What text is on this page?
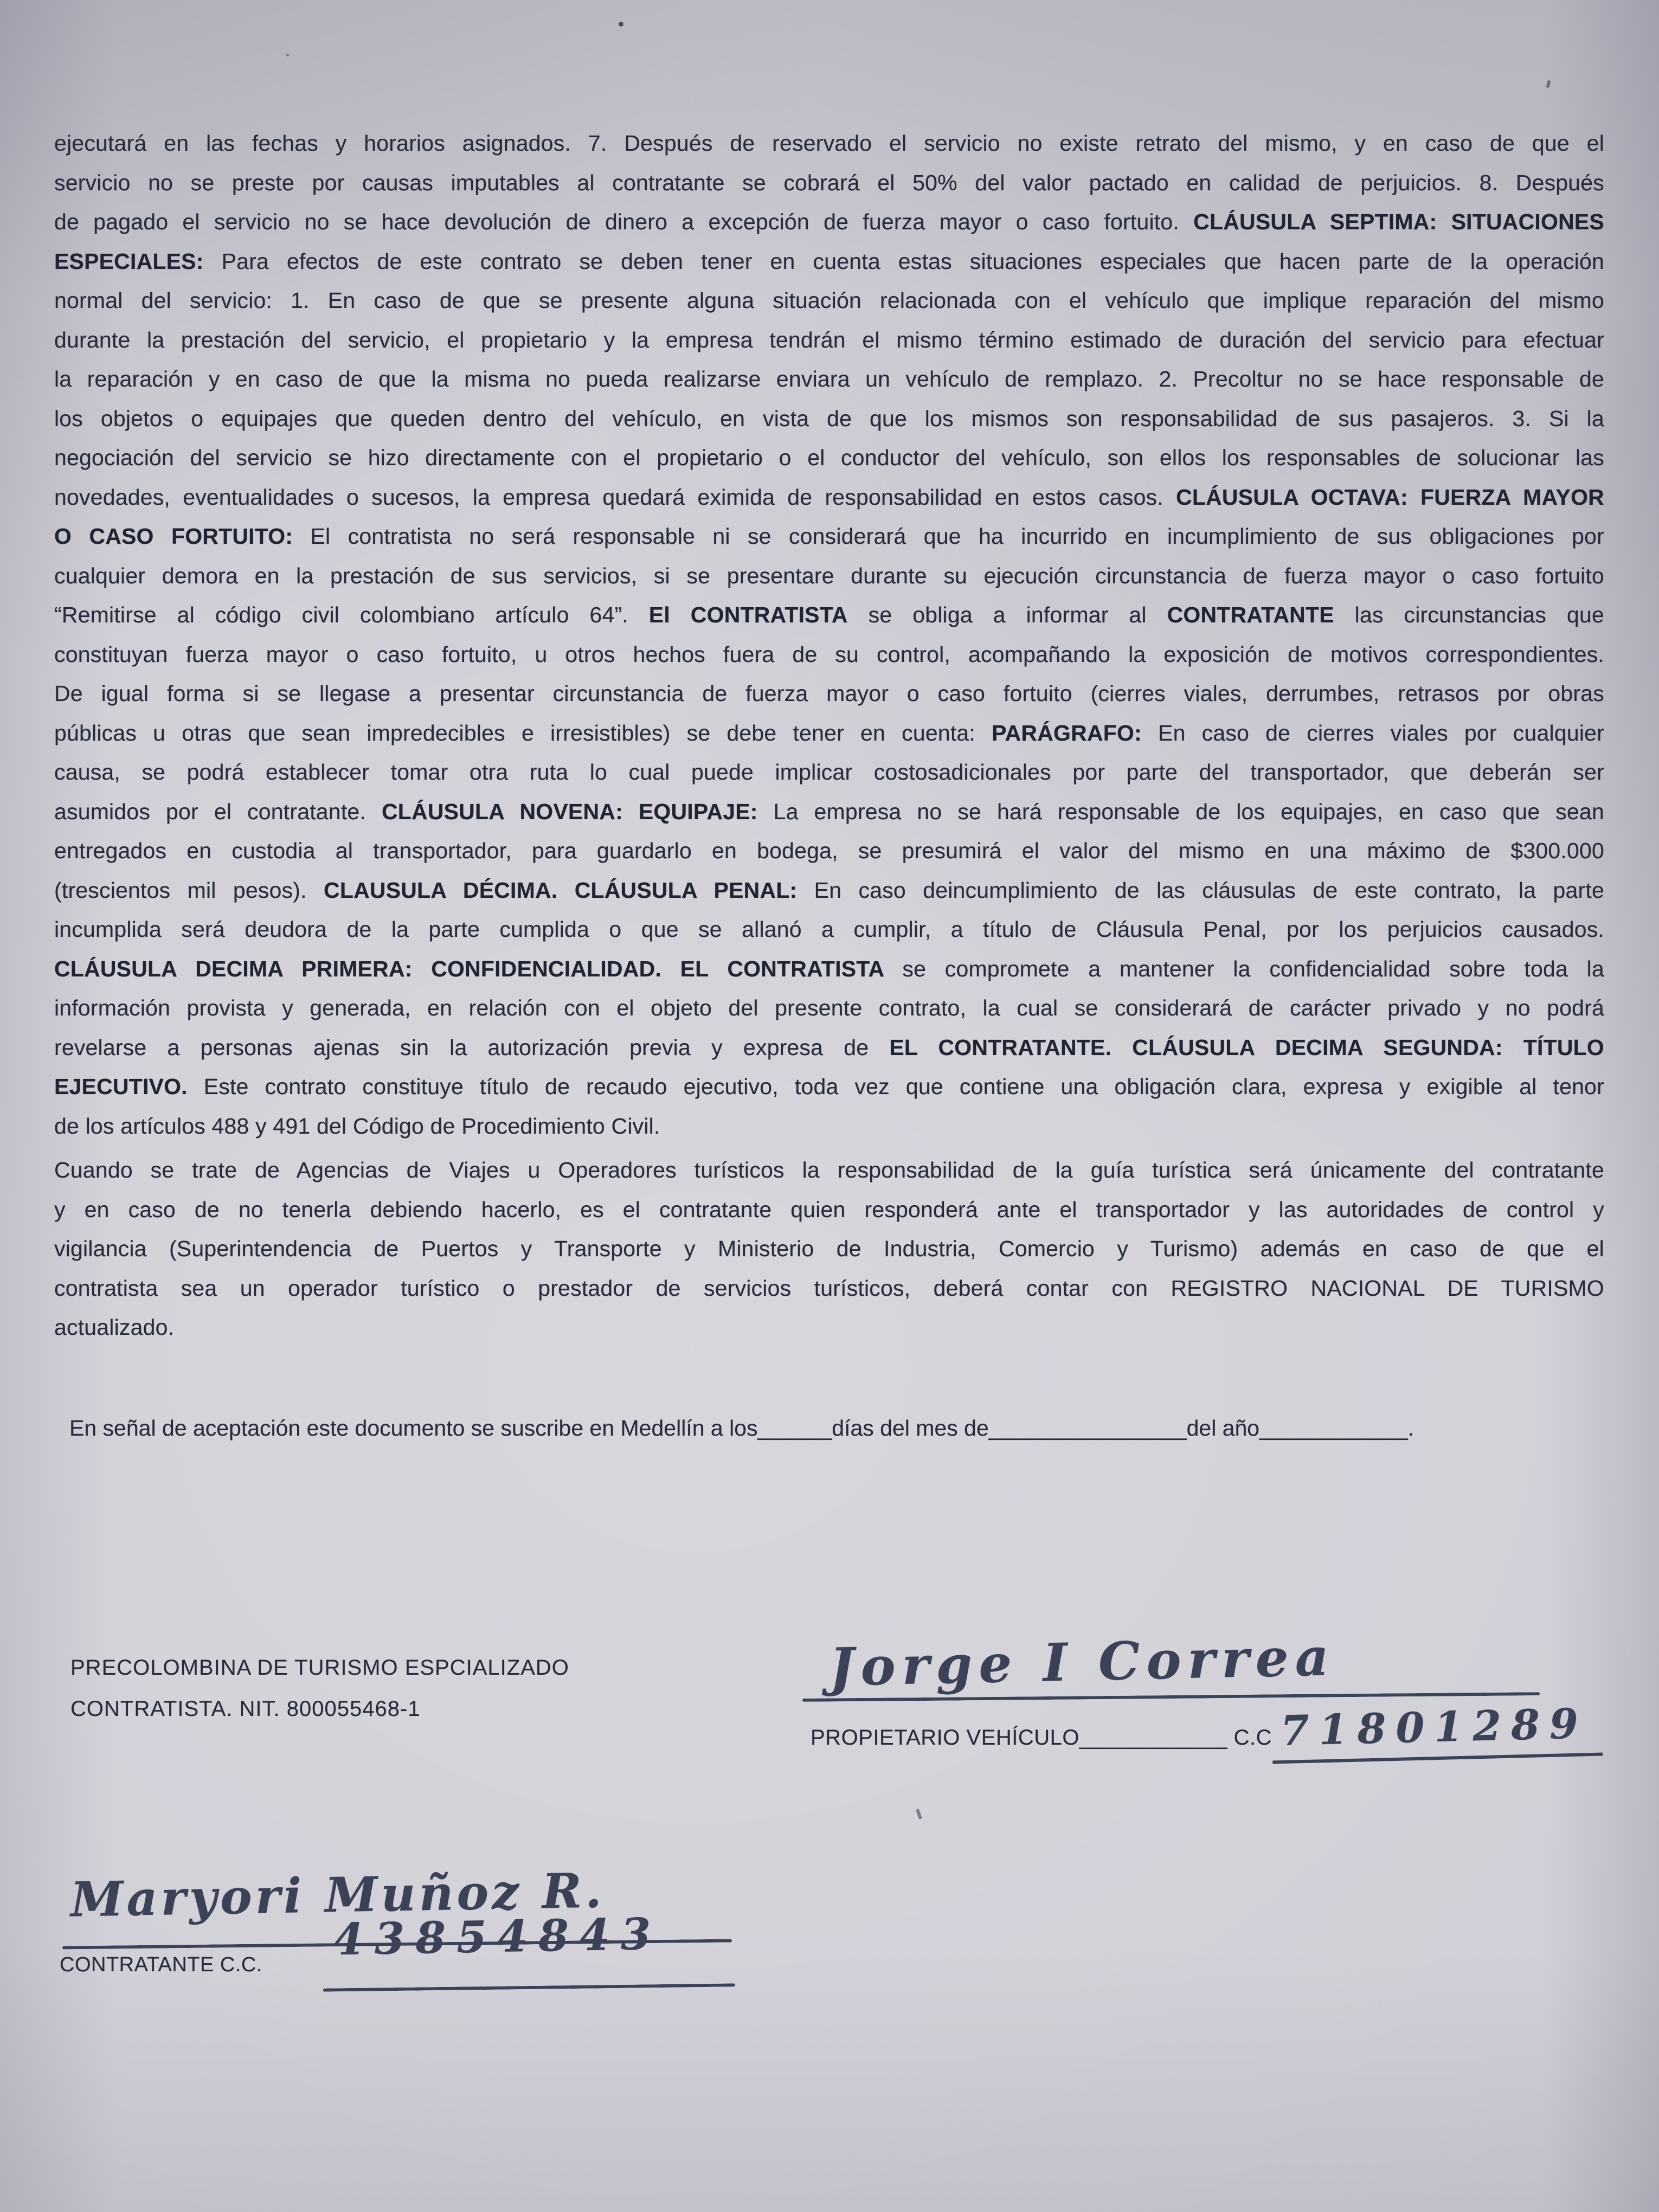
ejecutará en las fechas y horarios asignados. 7. Después de reservado el servicio no existe retrato del mismo, y en caso de que el
servicio no se preste por causas imputables al contratante se cobrará el 50% del valor pactado en calidad de perjuicios. 8. Después
de pagado el servicio no se hace devolución de dinero a excepción de fuerza mayor o caso fortuito. CLÁUSULA SEPTIMA: SITUACIONES
ESPECIALES: Para efectos de este contrato se deben tener en cuenta estas situaciones especiales que hacen parte de la operación
normal del servicio: 1. En caso de que se presente alguna situación relacionada con el vehículo que implique reparación del mismo
durante la prestación del servicio, el propietario y la empresa tendrán el mismo término estimado de duración del servicio para efectuar
la reparación y en caso de que la misma no pueda realizarse enviara un vehículo de remplazo. 2. Precoltur no se hace responsable de
los objetos o equipajes que queden dentro del vehículo, en vista de que los mismos son responsabilidad de sus pasajeros. 3. Si la
negociación del servicio se hizo directamente con el propietario o el conductor del vehículo, son ellos los responsables de solucionar las
novedades, eventualidades o sucesos, la empresa quedará eximida de responsabilidad en estos casos. CLÁUSULA OCTAVA: FUERZA MAYOR
O CASO FORTUITO: El contratista no será responsable ni se considerará que ha incurrido en incumplimiento de sus obligaciones por
cualquier demora en la prestación de sus servicios, si se presentare durante su ejecución circunstancia de fuerza mayor o caso fortuito
“Remitirse al código civil colombiano artículo 64”. El CONTRATISTA se obliga a informar al CONTRATANTE las circunstancias que
constituyan fuerza mayor o caso fortuito, u otros hechos fuera de su control, acompañando la exposición de motivos correspondientes.
De igual forma si se llegase a presentar circunstancia de fuerza mayor o caso fortuito (cierres viales, derrumbes, retrasos por obras
públicas u otras que sean impredecibles e irresistibles) se debe tener en cuenta: PARÁGRAFO: En caso de cierres viales por cualquier
causa, se podrá establecer tomar otra ruta lo cual puede implicar costosadicionales por parte del transportador, que deberán ser
asumidos por el contratante. CLÁUSULA NOVENA: EQUIPAJE: La empresa no se hará responsable de los equipajes, en caso que sean
entregados en custodia al transportador, para guardarlo en bodega, se presumirá el valor del mismo en una máximo de $300.000
(trescientos mil pesos). CLAUSULA DÉCIMA. CLÁUSULA PENAL: En caso deincumplimiento de las cláusulas de este contrato, la parte
incumplida será deudora de la parte cumplida o que se allanó a cumplir, a título de Cláusula Penal, por los perjuicios causados.
CLÁUSULA DECIMA PRIMERA: CONFIDENCIALIDAD. EL CONTRATISTA se compromete a mantener la confidencialidad sobre toda la
información provista y generada, en relación con el objeto del presente contrato, la cual se considerará de carácter privado y no podrá
revelarse a personas ajenas sin la autorización previa y expresa de EL CONTRATANTE. CLÁUSULA DECIMA SEGUNDA: TÍTULO
EJECUTIVO. Este contrato constituye título de recaudo ejecutivo, toda vez que contiene una obligación clara, expresa y exigible al tenor
de los artículos 488 y 491 del Código de Procedimiento Civil.
Cuando se trate de Agencias de Viajes u Operadores turísticos la responsabilidad de la guía turística será únicamente del contratante
y en caso de no tenerla debiendo hacerlo, es el contratante quien responderá ante el transportador y las autoridades de control y
vigilancia (Superintendencia de Puertos y Transporte y Ministerio de Industria, Comercio y Turismo) además en caso de que el
contratista sea un operador turístico o prestador de servicios turísticos, deberá contar con REGISTRO NACIONAL DE TURISMO
actualizado.
En señal de aceptación este documento se suscribe en Medellín a los______días del mes de________________del año____________.
PRECOLOMBINA DE TURISMO ESPCIALIZADO
CONTRATISTA. NIT. 800055468-1
Jorge I Correa
PROPIETARIO VEHÍCULO____________ C.C 71801289
Maryori Muñoz R.
CONTRATANTE C.C. 43854843
